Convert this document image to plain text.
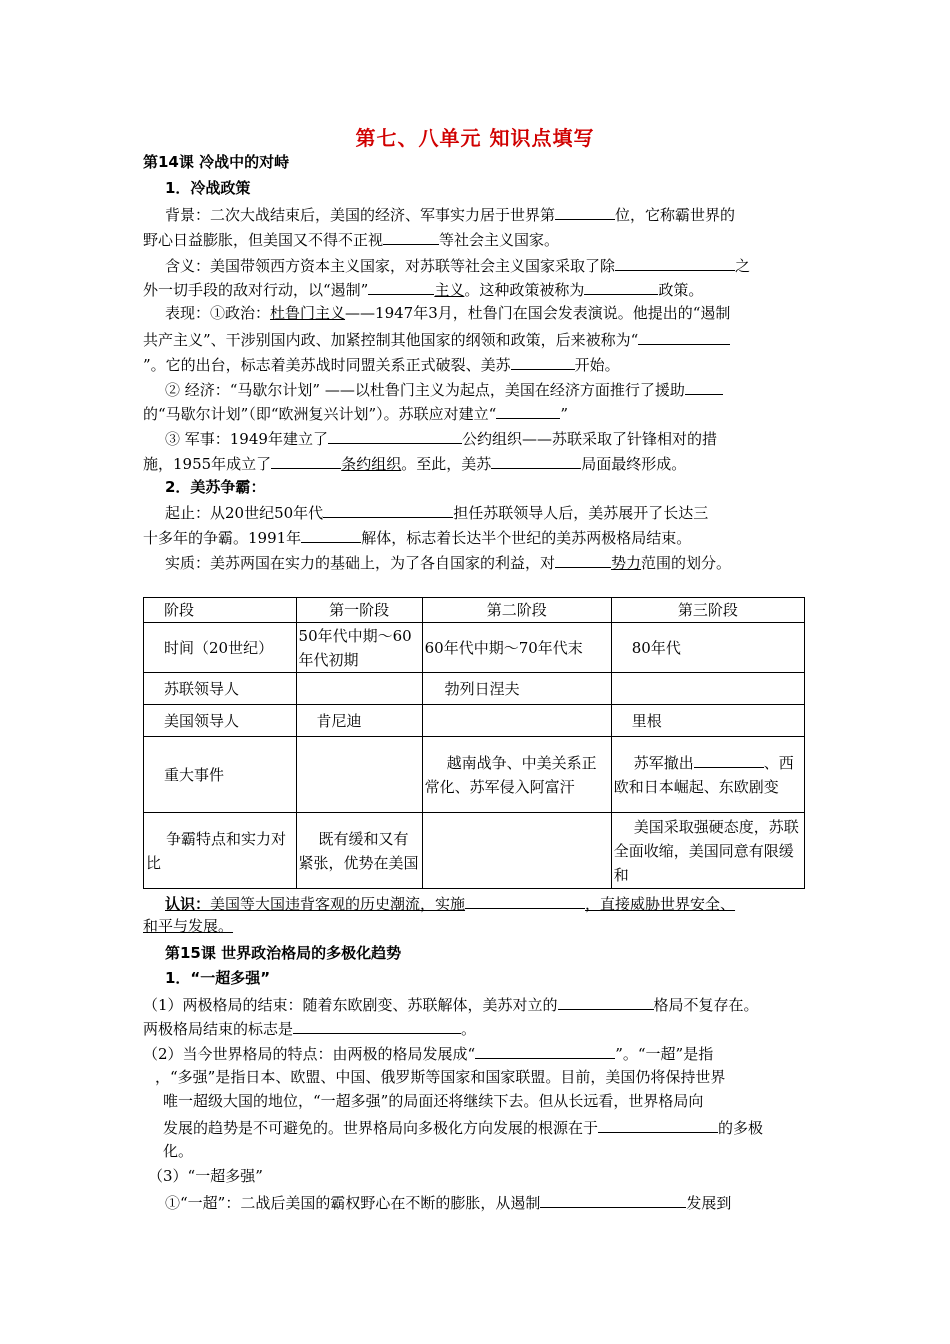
第七、八单元 知识点填写
第14课 冷战中的对峙
1．冷战政策
背景：二次大战结束后，美国的经济、军事实力居于世界第	位，它称霸世界的
野心日益膨胀，但美国又不得不正视	等社会主义国家。
含义：美国带领西方资本主义国家，对苏联等社会主义国家采取了除	之
外一切手段的敌对行动，以“遏制”	主义。这种政策被称为	政策。
表现：①政治：杜鲁门主义——1947年3月，杜鲁门在国会发表演说。他提出的“遏制
共产主义”、干涉别国内政、加紧控制其他国家的纲领和政策，后来被称为“
”。它的出台，标志着美苏战时同盟关系正式破裂、美苏	开始。
② 经济：“马歇尔计划” ——以杜鲁门主义为起点，美国在经济方面推行了援助
的“马歇尔计划”（即“欧洲复兴计划”）。苏联应对建立“	”
③ 军事：1949年建立了	公约组织——苏联采取了针锋相对的措
施，1955年成立了	条约组织。至此，美苏	局面最终形成。
2．美苏争霸：
起止：从20世纪50年代	担任苏联领导人后，美苏展开了长达三
十多年的争霸。1991年	解体，标志着长达半个世纪的美苏两极格局结束。
实质：美苏两国在实力的基础上，为了各自国家的利益，对	势力范围的划分。
阶段	第一阶段	第二阶段	第三阶段
时间（20世纪）	50年代中期～60年代初期	60年代中期～70年代末	80年代
苏联领导人		勃列日涅夫	
美国领导人	肯尼迪		里根
重大事件		越南战争、中美关系正常化、苏军侵入阿富汗	苏军撤出 、西欧和日本崛起、东欧剧变
争霸特点和实力对比	既有缓和又有紧张，优势在美国		美国采取强硬态度，苏联全面收缩，美国同意有限缓和
认识：美国等大国违背客观的历史潮流，实施	，直接威胁世界安全、
和平与发展。
第15课 世界政治格局的多极化趋势
1．“一超多强”
（1）两极格局的结束：随着东欧剧变、苏联解体，美苏对立的	格局不复存在。
两极格局结束的标志是	。
（2）当今世界格局的特点：由两极的格局发展成“	”。“一超”是指
，“多强”是指日本、欧盟、中国、俄罗斯等国家和国家联盟。目前，美国仍将保持世界
唯一超级大国的地位，“一超多强”的局面还将继续下去。但从长远看，世界格局向
发展的趋势是不可避免的。世界格局向多极化方向发展的根源在于	的多极
化。
（3）“一超多强”
①“一超”：二战后美国的霸权野心在不断的膨胀，从遏制	发展到
